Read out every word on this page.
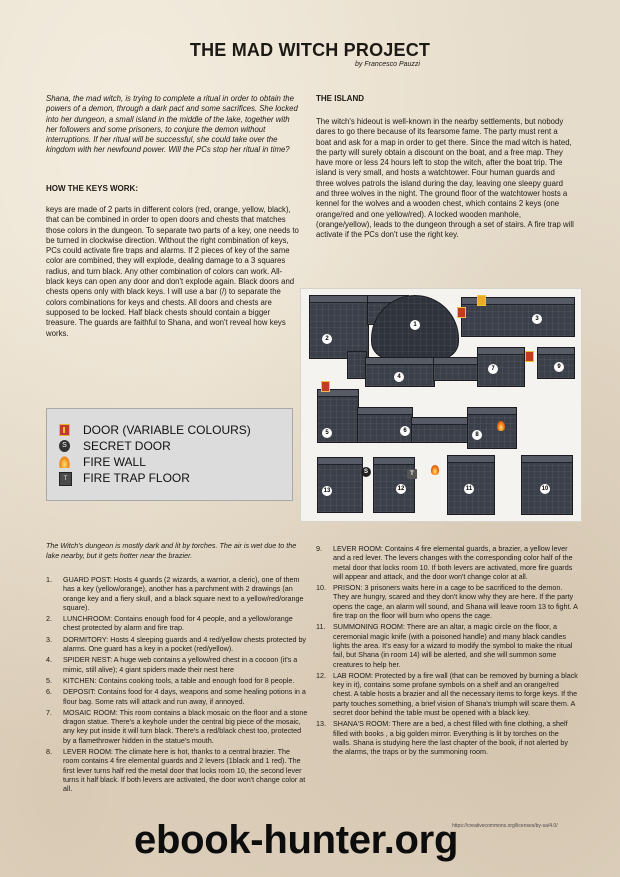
THE MAD WITCH PROJECT
by Francesco Pauzzi
Shana, the mad witch, is trying to complete a ritual in order to obtain the powers of a demon, through a dark pact and some sacrifices. She locked into her dungeon, a small island in the middle of the lake, together with her followers and some prisoners, to conjure the demon without interruptions. If her ritual will be successful, she could take over the kingdom with her newfound power. Will the PCs stop her ritual in time?
HOW THE KEYS WORK:
keys are made of 2 parts in different colors (red, orange, yellow, black), that can be combined in order to open doors and chests that matches those colors in the dungeon. To separate two parts of a key, one needs to be turned in clockwise direction. Without the right combination of keys, PCs could activate fire traps and alarms. If 2 pieces of key of the same color are combined, they will explode, dealing damage to a 3 squares radius, and turn black. Any other combination of colors can work. All-black keys can open any door and don't explode again. Black doors and chests opens only with black keys. I will use a bar (/) to separate the colors combinations for keys and chests. All doors and chests are supposed to be locked. Half black chests should contain a bigger treasure. The guards are faithful to Shana, and won't reveal how keys works.
THE ISLAND
The witch's hideout is well-known in the nearby settlements, but nobody dares to go there because of its fearsome fame. The party must rent a boat and ask for a map in order to get there. Since the mad witch is hated, the party will surely obtain a discount on the boat, and a free map. They have more or less 24 hours left to stop the witch, after the boat trip. The island is very small, and hosts a watchtower. Four human guards and three wolves patrols the island during the day, leaving one sleepy guard and three wolves in the night. The ground floor of the watchtower hosts a kennel for the wolves and a wooden chest, which contains 2 keys (one orange/red and one yellow/red). A locked wooden manhole, (orange/yellow), leads to the dungeon through a set of stairs. A fire trap will activate if the PCs don't use the right key.
2
1
3
4
7	9
5	6
8
13
S
12	11	10
T
DOOR (VARIABLE COLOURS)
S SECRET DOOR
FIRE WALL
T	FIRE TRAP FLOOR
The Witch's dungeon is mostly dark and lit by torches. The air is wet due to the lake nearby, but it gets hotter near the brazier.
1. GUARD POST: Hosts 4 guards (2 wizards, a warrior, a cleric), one of them has a key (yellow/orange), another has a parchment with 2 drawings (an orange key and a fiery skull, and a black square next to a yellow/red/orange square).
2. LUNCHROOM: Contains enough food for 4 people, and a yellow/orange chest protected by alarm and fire trap.
3. DORMITORY: Hosts 4 sleeping guards and 4 red/yellow chests protected by alarms. One guard has a key in a pocket (red/yellow).
4. SPIDER NEST: A huge web contains a yellow/red chest in a cocoon (it's a mimic, still alive); 4 giant spiders made their nest here
5. KITCHEN: Contains cooking tools, a table and enough food for 8 people.
6. DEPOSIT: Contains food for 4 days, weapons and some healing potions in a flour bag. Some rats will attack and run away, if annoyed.
7. MOSAIC ROOM: This room contains a black mosaic on the floor and a stone dragon statue. There's a keyhole under the central big piece of the mosaic, any key put inside it will turn black. There's a red/black chest too, protected by a flamethrower hidden in the statue's mouth.
8. LEVER ROOM: The climate here is hot, thanks to a central brazier. The room contains 4 fire elemental guards and 2 levers (1black and 1 red). The first lever turns half red the metal door that locks room 10, the second lever turns it half black. If both levers are activated, the door won't change color at all.
9. LEVER ROOM: Contains 4 fire elemental guards, a brazier, a yellow lever and a red lever. The levers changes with the corresponding color half of the metal door that locks room 10. If both levers are activated, more fire guards will appear and attack, and the door won't change color at all.
10. PRISON: 3 prisoners waits here in a cage to be sacrificed to the demon. They are hungry, scared and they don't know why they are here. If the party opens the cage, an alarm will sound, and Shana will leave room 13 to fight. A fire trap on the floor will burn who opens the cage.
11. SUMMONING ROOM: There are an altar, a magic circle on the floor, a ceremonial magic knife (with a poisoned handle) and many black candles lights the area. It's easy for a wizard to modify the symbol to make the ritual fail, but Shana (in room 14) will be alerted, and she will summon some creatures to help her.
12. LAB ROOM: Protected by a fire wall (that can be removed by burning a black key in it), contains some profane symbols on a shelf and an orange/red chest. A table hosts a brazier and all the necessary items to forge keys. If the party touches something, a brief vision of Shana's triumph will scare them. A secret door behind the table must be opened with a black key.
13. SHANA'S ROOM: There are a bed, a chest filled with fine clothing, a shelf filled with books , a big golden mirror. Everything is lit by torches on the walls. Shana is studying here the last chapter of the book, if not alerted by the alarms, the traps or by the summoning room.
https://creativecommons.org/licenses/by-sa/4.0/
ebook-hunter.org
